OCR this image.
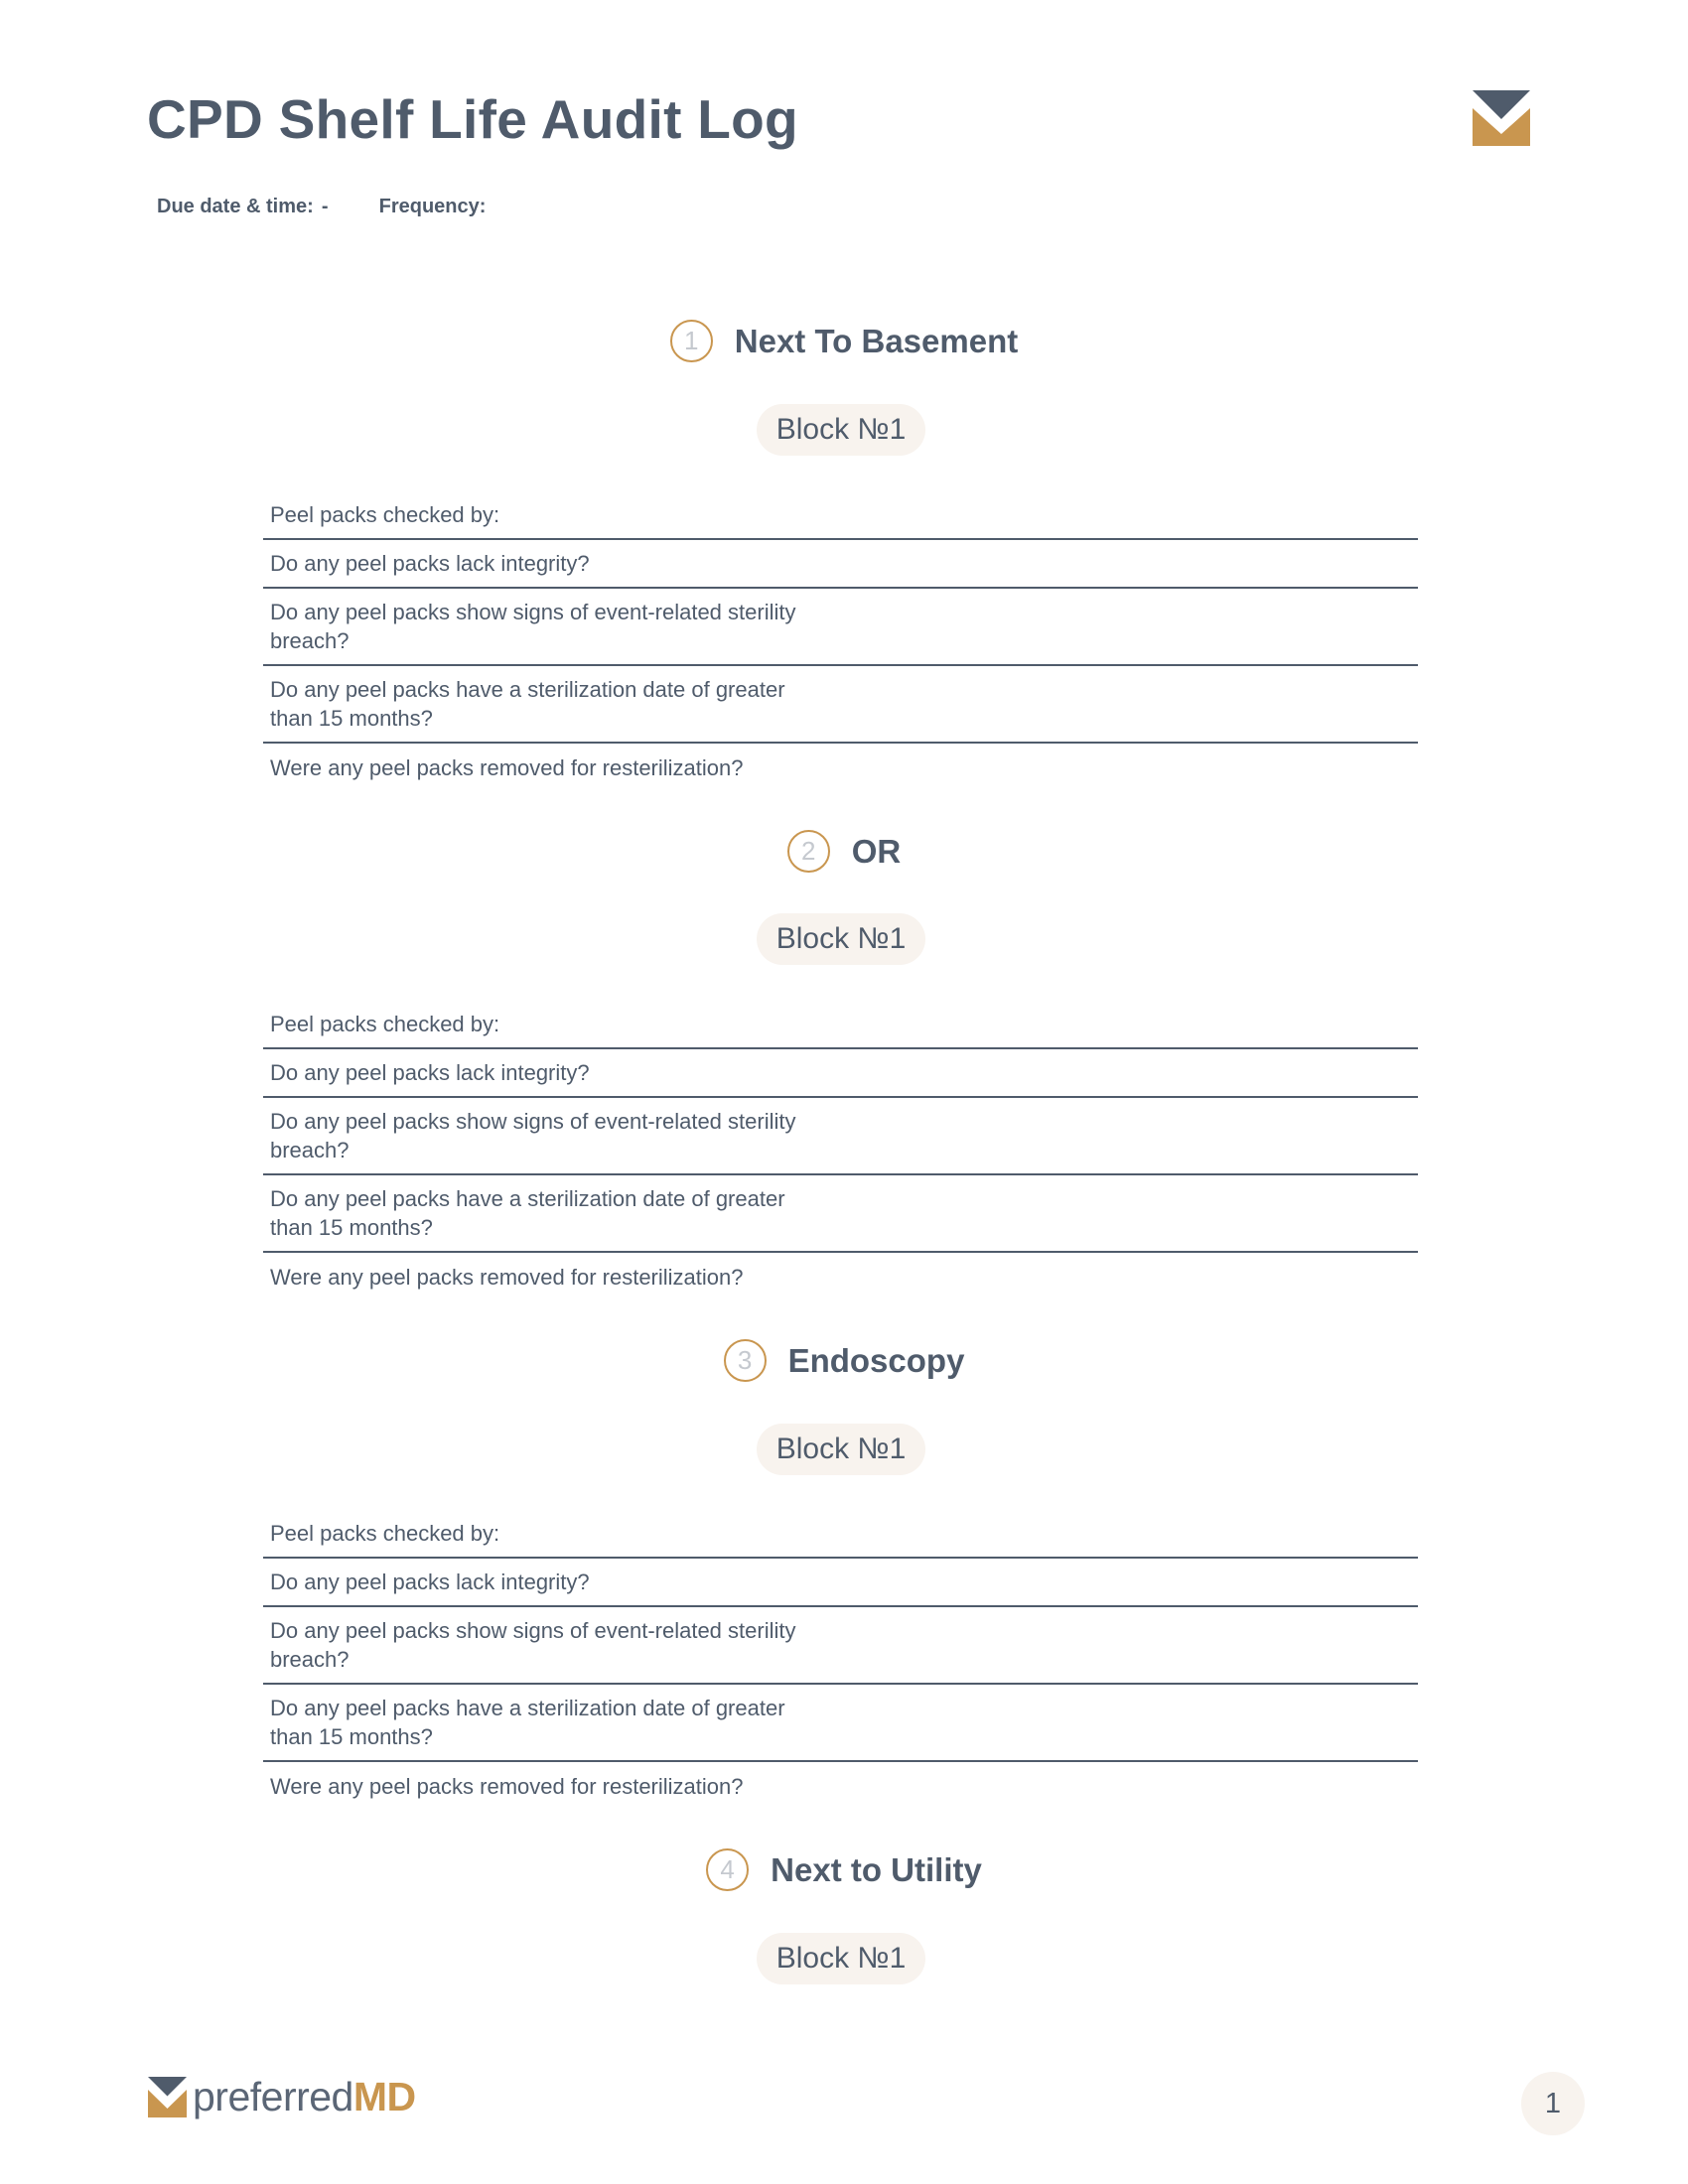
CPD Shelf Life Audit Log
Due date & time: -	Frequency:
1	Next To Basement
Block №1
Peel packs checked by:
Do any peel packs lack integrity?
Do any peel packs show signs of event-related sterility breach?
Do any peel packs have a sterilization date of greater than 15 months?
Were any peel packs removed for resterilization?
2	OR
Block №1
Peel packs checked by:
Do any peel packs lack integrity?
Do any peel packs show signs of event-related sterility breach?
Do any peel packs have a sterilization date of greater than 15 months?
Were any peel packs removed for resterilization?
3	Endoscopy
Block №1
Peel packs checked by:
Do any peel packs lack integrity?
Do any peel packs show signs of event-related sterility breach?
Do any peel packs have a sterilization date of greater than 15 months?
Were any peel packs removed for resterilization?
4	Next to Utility
Block №1
preferred MD	1
